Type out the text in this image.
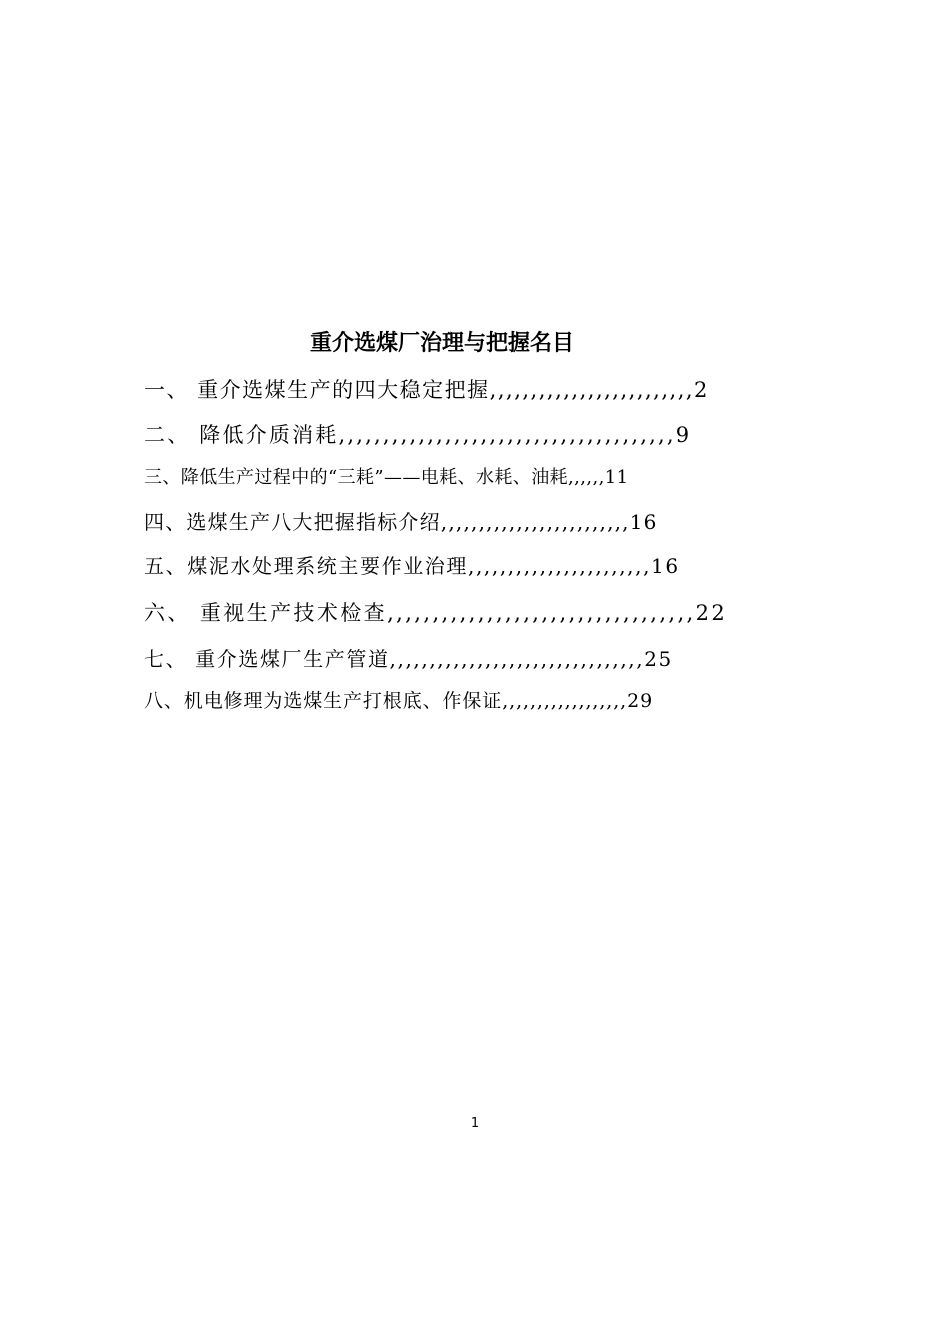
重介选煤厂治理与把握名目
一、 重介选煤生产的四大稳定把握,,,,,,,,,,,,,,,,,,,,,,,,,2
二、 降低介质消耗,,,,,,,,,,,,,,,,,,,,,,,,,,,,,,,,,,,,,,9
三、降低生产过程中的“三耗”——电耗、水耗、油耗,,,,,,11
四、选煤生产八大把握指标介绍,,,,,,,,,,,,,,,,,,,,,,,,,16
五、煤泥水处理系统主要作业治理,,,,,,,,,,,,,,,,,,,,,,,16
六、 重视生产技术检查,,,,,,,,,,,,,,,,,,,,,,,,,,,,,,,,,,22
七、 重介选煤厂生产管道,,,,,,,,,,,,,,,,,,,,,,,,,,,,,,,,25
八、机电修理为选煤生产打根底、作保证,,,,,,,,,,,,,,,,,,29
1
